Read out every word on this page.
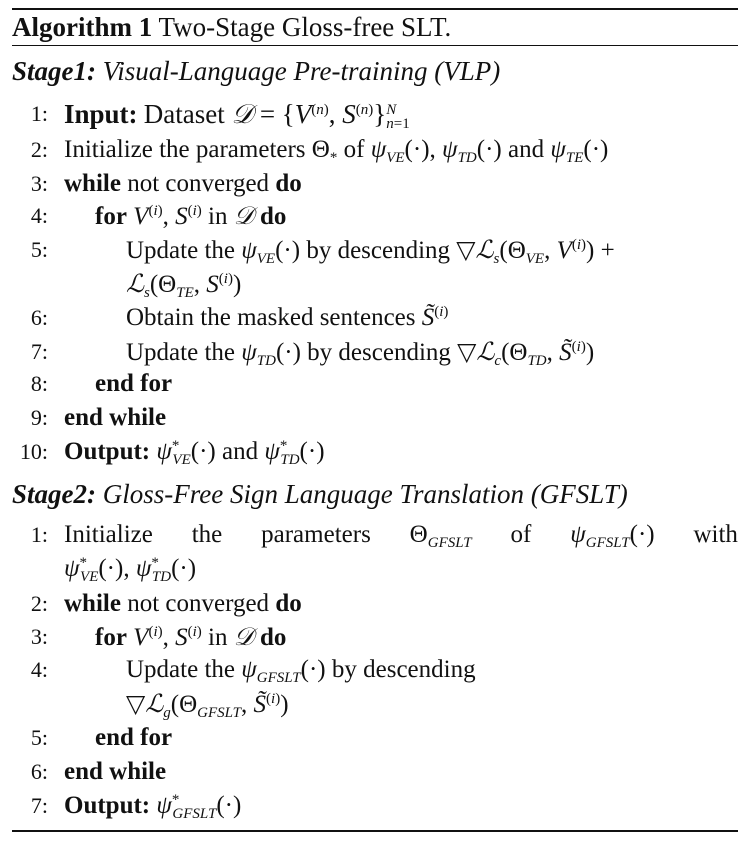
Algorithm 1 Two-Stage Gloss-free SLT.
Stage1: Visual-Language Pre-training (VLP)
1: Input: Dataset 𝒟 = {$V^{(n)}$, $S^{(n)}\}^N_{n=1}$
2: Initialize the parameters $\Theta_*$ of $\psi_{VE}(\cdot)$, $\psi_{TD}(\cdot)$ and $\psi_{TE}(\cdot)$
3: while not converged do
4: for $V^{(i)}$, $S^{(i)}$ in 𝒟 do
5:	Update the $\psi_{VE}(\cdot)$ by descending $▽ℒ_s(\Theta_{VE}$, $V^{(i)}$) +
$ℒ_s(\Theta_{TE}$, $S^{(i)}$)
6:	Obtain the masked sentences S̃$^{(i)}$
7:	Update the $\psi_{TD}(\cdot)$ by descending $▽ℒ_c(\Theta_{TD}$, S̃$^{(i)}$)
8: end for
9: end while
10: Output: $\psi^*_{VE}(\cdot)$ and $\psi^*_{TD}(\cdot)$
Stage2: Gloss-Free Sign Language Translation (GFSLT)
1: Initialize the parameters $\Theta_{GFSLT}$ of $\psi_{GFSLT}(\cdot)$ with
$\psi^*_{VE}(\cdot)$, $\psi^*_{TD}(\cdot)$
2: while not converged do
3: for $V^{(i)}$, $S^{(i)}$ in 𝒟 do
4:	Update the $\psi_{GFSLT}(\cdot)$ by descending
$▽ℒ_g(\Theta_{GFSLT}$, S̃$^{(i)}$)
5: end for
6: end while
7: Output: $\psi^*_{GFSLT}(\cdot)$
